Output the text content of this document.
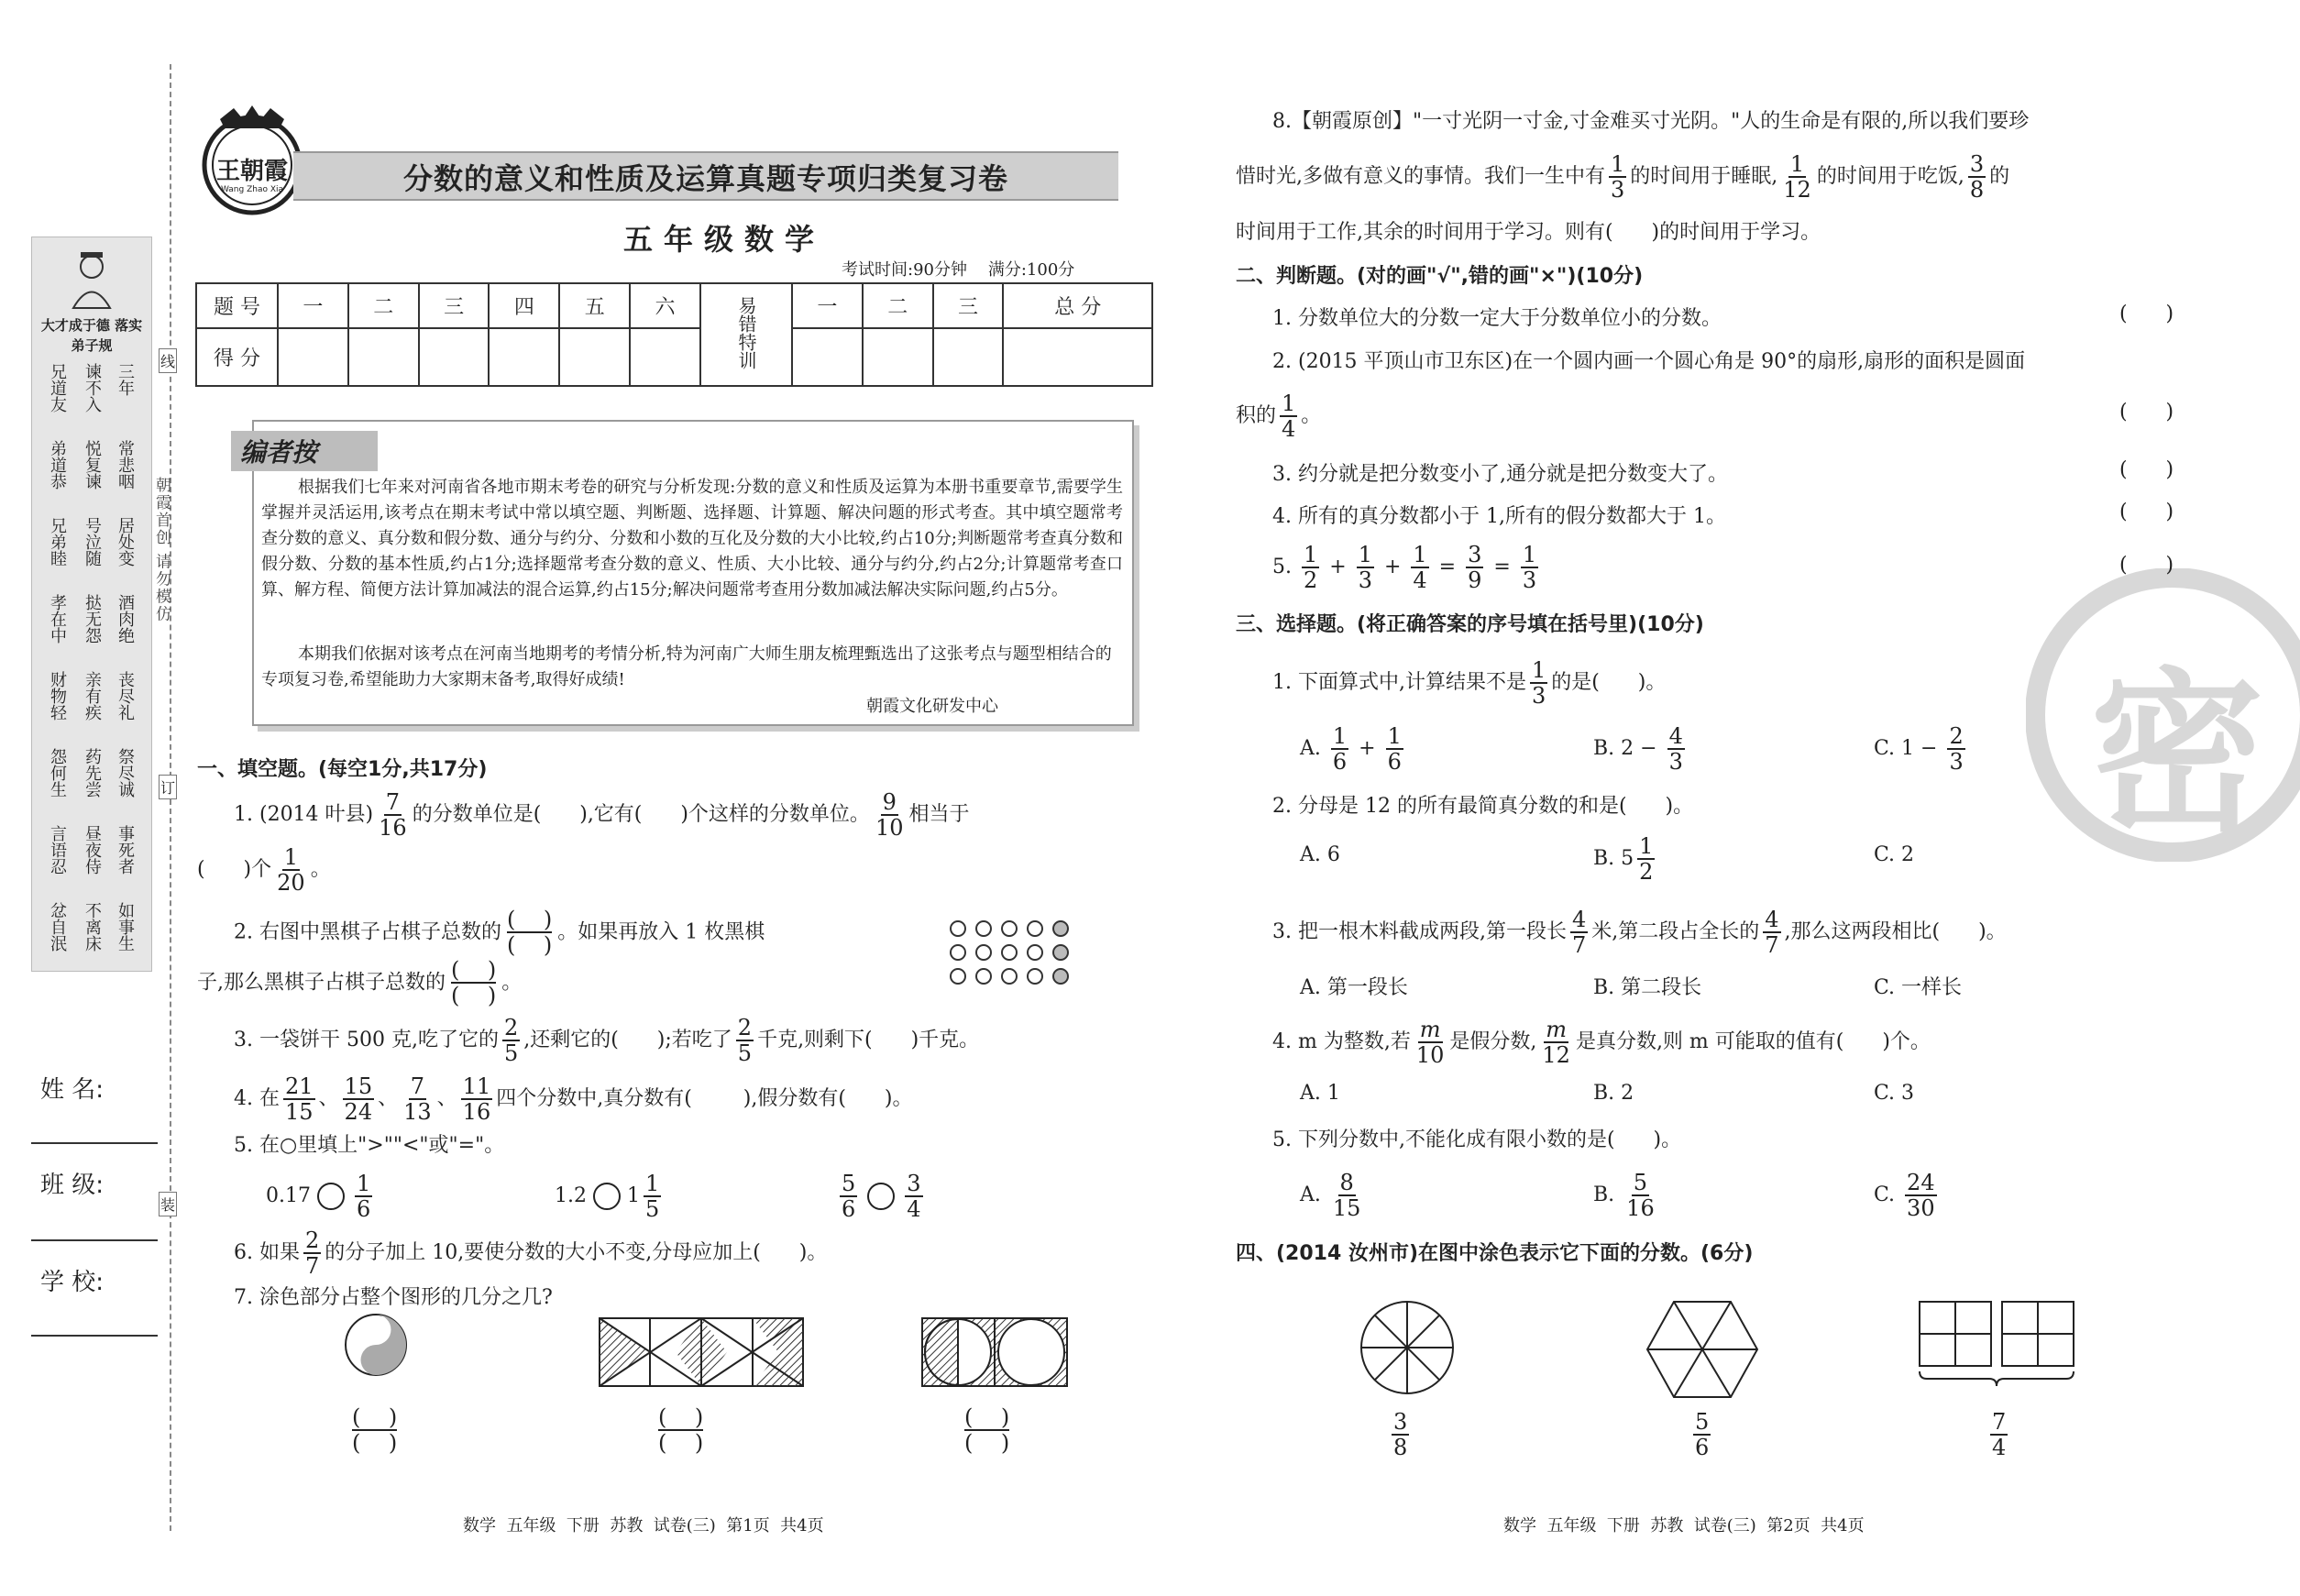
大才成于德 落实弟子规
兄道友 谏不入 三年
弟道恭 悦复谏 常悲咽
兄弟睦 号泣随 居处变
孝在中 挞无怨 酒肉绝
财物轻 亲有疾 丧尽礼
怨何生 药先尝 祭尽诚
言语忍 昼夜侍 事死者
忿自泯 不离床 如事生
朝霞首创 请勿模仿
线
订
装
姓 名:
班 级:
学 校:
王朝霞
Wang Zhao Xia	分数的意义和性质及运算真题专项归类复习卷
五年级数学
考试时间:90分钟    满分:100分
题 号	一	二	三	四	五	六	易错特训	一	二	三	总 分
得 分											
编者按
根据我们七年来对河南省各地市期末考卷的研究与分析发现:分数的意义和性质及运算为本册书重要章节,需要学生掌握并灵活运用,该考点在期末考试中常以填空题、判断题、选择题、计算题、解决问题的形式考查。其中填空题常考查分数的意义、真分数和假分数、通分与约分、分数和小数的互化及分数的大小比较,约占10分;判断题常考查真分数和假分数、分数的基本性质,约占1分;选择题常考查分数的意义、性质、大小比较、通分与约分,约占2分;计算题常考查口算、解方程、简便方法计算加减法的混合运算,约占15分;解决问题常考查用分数加减法解决实际问题,约占5分。
本期我们依据对该考点在河南当地期考的考情分析,特为河南广大师生朋友梳理甄选出了这张考点与题型相结合的专项复习卷,希望能助力大家期末备考,取得好成绩!
朝霞文化研发中心
一、填空题。(每空1分,共17分)
1. (2014 叶县) $\frac{7}{16}$ 的分数单位是(      ),它有(      )个这样的分数单位。 $\frac{9}{10}$ 相当于
(      )个 $\frac{1}{20}$ 。
2. 右图中黑棋子占棋子总数的 $\frac{( )}{( )}$ 。如果再放入 1 枚黑棋
子,那么黑棋子占棋子总数的 $\frac{( )}{( )}$ 。
3. 一袋饼干 500 克,吃了它的 $\frac{2}{5}$ ,还剩它的(      );若吃了 $\frac{2}{5}$ 千克,则剩下(      )千克。
4. 在 $\frac{21}{15}$ 、 $\frac{15}{24}$ 、 $\frac{7}{13}$ 、 $\frac{11}{16}$ 四个分数中,真分数有(        ),假分数有(      )。
5. 在○里填上">""<"或"="。
$0.17 \frac{1}{6}$	1.2 $1 \frac{1}{5}$	$\frac{5}{6}$
$\frac{3}{4}$
6. 如果 $\frac{2}{7}$ 的分子加上 10,要使分数的大小不变,分母应加上(      )。
7. 涂色部分占整个图形的几分之几?
(    )
(    )
(    )
(    )
(    )
(    )
数学  五年级  下册  苏教  试卷(三)  第1页  共4页
密
8.【朝霞原创】"一寸光阴一寸金,寸金难买寸光阴。"人的生命是有限的,所以我们要珍
惜时光,多做有意义的事情。我们一生中有 $\frac{1}{3}$ 的时间用于睡眠, $\frac{1}{12}$ 的时间用于吃饭, $\frac{3}{8}$ 的
时间用于工作,其余的时间用于学习。则有(      )的时间用于学习。
二、判断题。(对的画"√",错的画"×")(10分)
1. 分数单位大的分数一定大于分数单位小的分数。	(      )
2. (2015 平顶山市卫东区)在一个圆内画一个圆心角是 90°的扇形,扇形的面积是圆面
积的 $\frac{1}{4}$ 。	(      )
3. 约分就是把分数变小了,通分就是把分数变大了。	(      )
4. 所有的真分数都小于 1,所有的假分数都大于 1。	(      )
5. $\frac{1}{2} + \frac{1}{3} + \frac{1}{4} = \frac{3}{9} = \frac{1}{3}$	(      )
三、选择题。(将正确答案的序号填在括号里)(10分)
1. 下面算式中,计算结果不是 $\frac{1}{3}$ 的是(      )。
A. $\frac{1}{6} + \frac{1}{6}$	B. $2 - \frac{4}{3}$	C. $1 - \frac{2}{3}$
2. 分母是 12 的所有最简真分数的和是(      )。
A. 6	B. $5 \frac{1}{2}$	C. 2
3. 把一根木料截成两段,第一段长 $\frac{4}{7}$ 米,第二段占全长的 $\frac{4}{7}$ ,那么这两段相比(      )。
A. 第一段长	B. 第二段长	C. 一样长
4. m 为整数,若 $\frac{m}{10}$ 是假分数, $\frac{m}{12}$ 是真分数,则 m 可能取的值有(      )个。
A. 1	B. 2	C. 3
5. 下列分数中,不能化成有限小数的是(      )。
A. $\frac{8}{15}$	B. $\frac{5}{16}$	C. $\frac{24}{30}$
四、(2014 汝州市)在图中涂色表示它下面的分数。(6分)
$\frac{3}{8}$	$\frac{5}{6}$	$\frac{7}{4}$
数学  五年级  下册  苏教  试卷(三)  第2页  共4页
